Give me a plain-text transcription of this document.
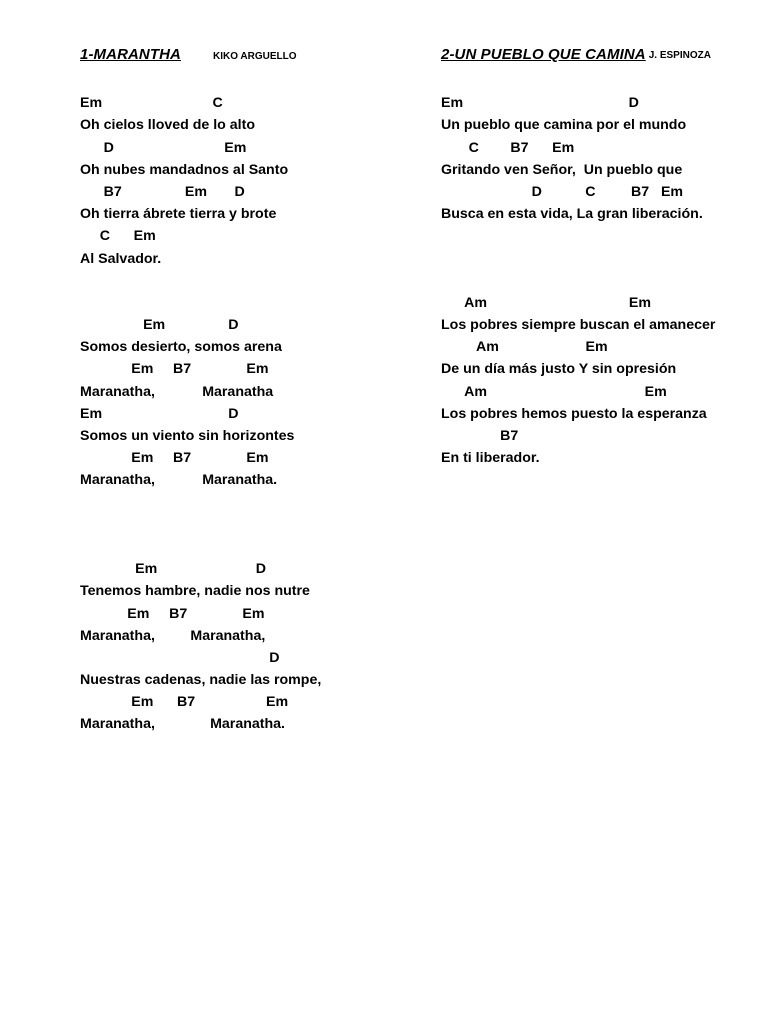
1-MARANTHA	KIKO ARGUELLO
Em                            C
Oh cielos lloved de lo alto
D                            Em
Oh nubes mandadnos al Santo
B7                Em       D
Oh tierra ábrete tierra y brote
C      Em
Al Salvador.
Em                D
Somos desierto, somos arena
Em     B7              Em
Maranatha,            Maranatha
Em                                D
Somos un viento sin horizontes
Em     B7              Em
Maranatha,            Maranatha.
Em                         D
Tenemos hambre, nadie nos nutre
Em     B7              Em
Maranatha,         Maranatha,
D
Nuestras cadenas, nadie las rompe,
Em      B7                  Em
Maranatha,              Maranatha.
2-UN PUEBLO QUE CAMINA J. ESPINOZA
Em                                          D
Un pueblo que camina por el mundo
C        B7      Em
Gritando ven Señor,  Un pueblo que
D           C         B7   Em
Busca en esta vida, La gran liberación.
Am                                    Em
Los pobres siempre buscan el amanecer
Am                      Em
De un día más justo Y sin opresión
Am                                        Em
Los pobres hemos puesto la esperanza
B7
En ti liberador.
